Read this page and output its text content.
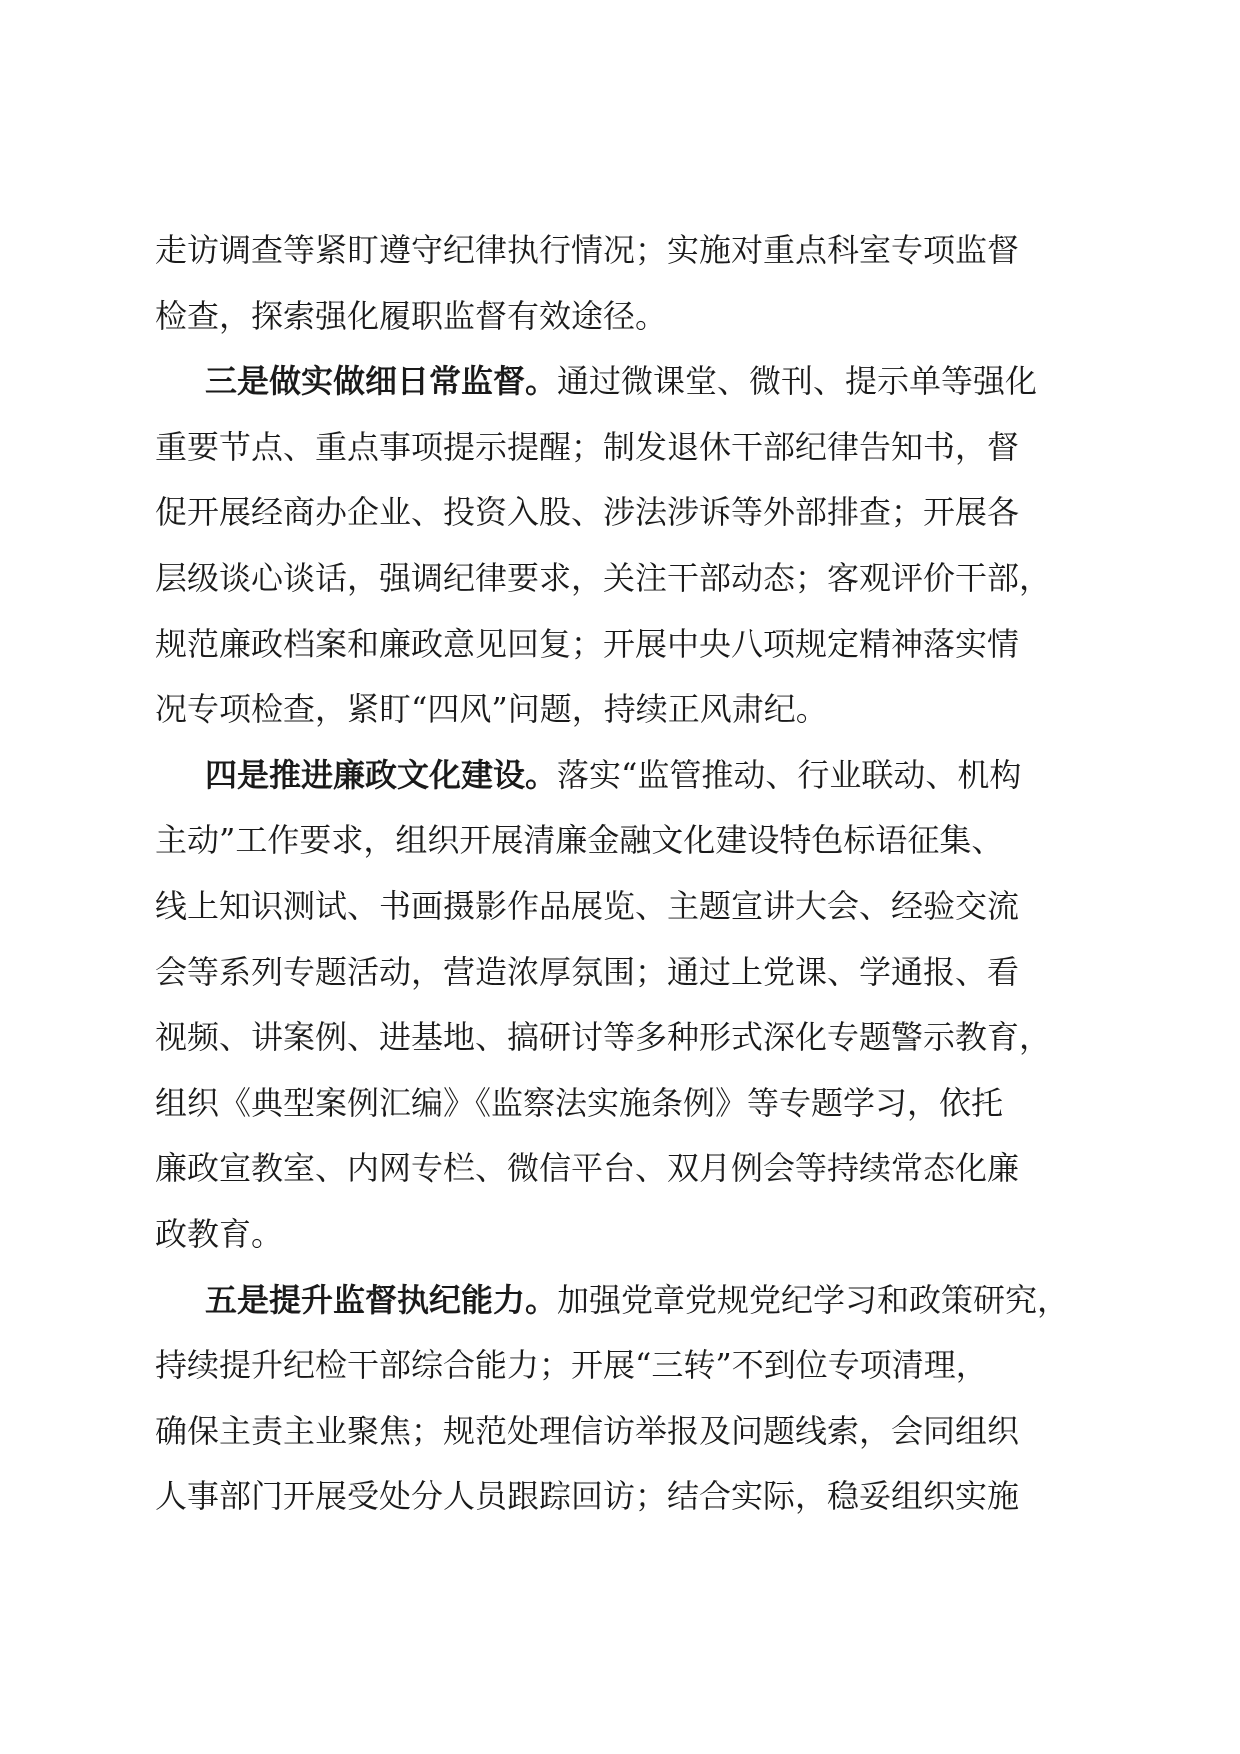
走访调查等紧盯遵守纪律执行情况；实施对重点科室专项监督
检查，探索强化履职监督有效途径。
三是做实做细日常监督。通过微课堂、微刊、提示单等强化
重要节点、重点事项提示提醒；制发退休干部纪律告知书，督
促开展经商办企业、投资入股、涉法涉诉等外部排查；开展各
层级谈心谈话，强调纪律要求，关注干部动态；客观评价干部，
规范廉政档案和廉政意见回复；开展中央八项规定精神落实情
况专项检查，紧盯“四风”问题，持续正风肃纪。
四是推进廉政文化建设。落实“监管推动、行业联动、机构
主动”工作要求，组织开展清廉金融文化建设特色标语征集、
线上知识测试、书画摄影作品展览、主题宣讲大会、经验交流
会等系列专题活动，营造浓厚氛围；通过上党课、学通报、看
视频、讲案例、进基地、搞研讨等多种形式深化专题警示教育，
组织《典型案例汇编》《监察法实施条例》等专题学习，依托
廉政宣教室、内网专栏、微信平台、双月例会等持续常态化廉
政教育。
五是提升监督执纪能力。加强党章党规党纪学习和政策研究，
持续提升纪检干部综合能力；开展“三转”不到位专项清理，
确保主责主业聚焦；规范处理信访举报及问题线索，会同组织
人事部门开展受处分人员跟踪回访；结合实际，稳妥组织实施
